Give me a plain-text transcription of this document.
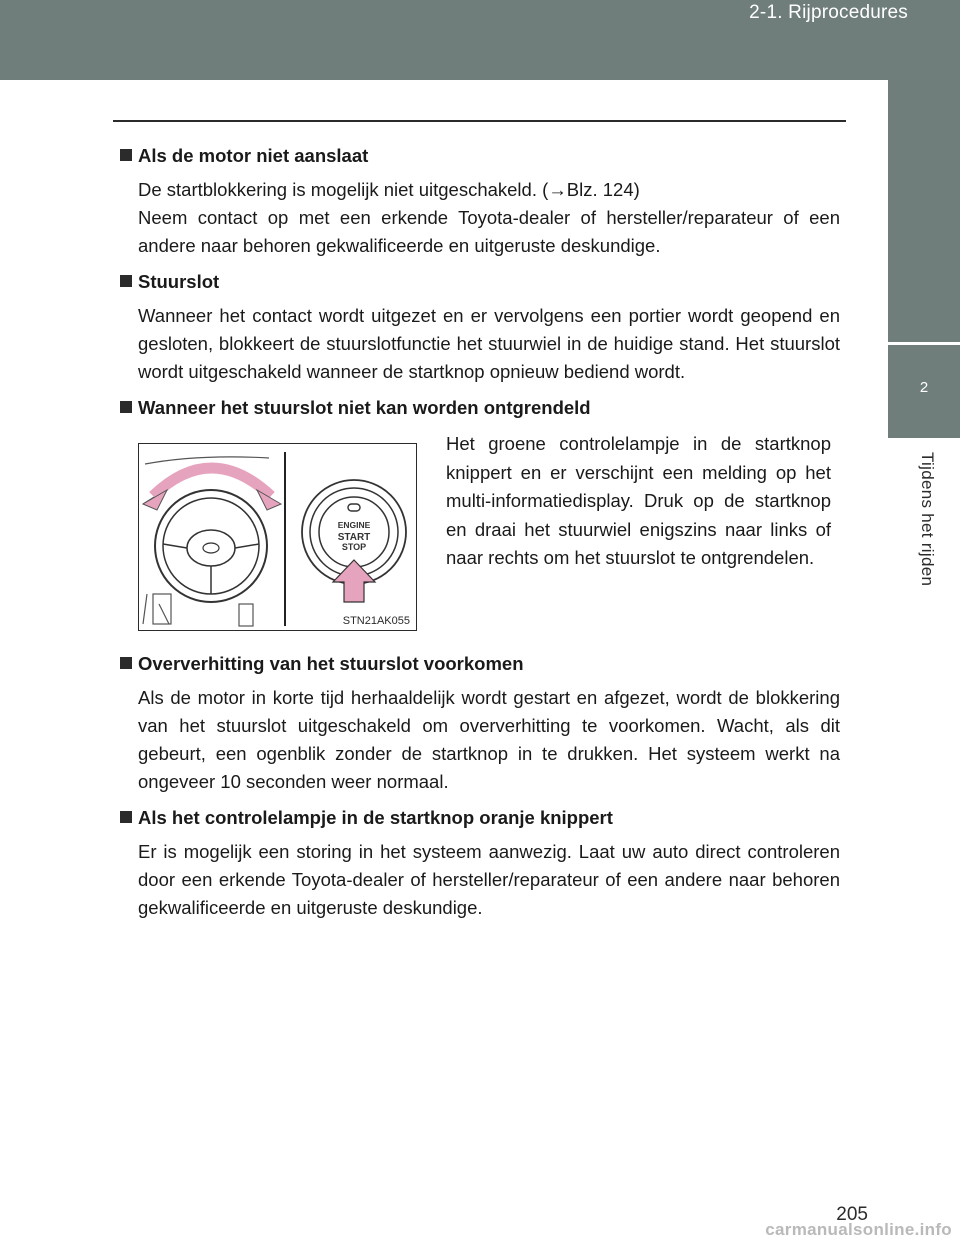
2-1. Rijprocedures
2
Tijdens het rijden

Als de motor niet aanslaat

De startblokkering is mogelijk niet uitgeschakeld. (→Blz. 124)
Neem contact op met een erkende Toyota-dealer of hersteller/reparateur of een andere naar behoren gekwalificeerde en uitgeruste deskundige.

Stuurslot

Wanneer het contact wordt uitgezet en er vervolgens een portier wordt geopend en gesloten, blokkeert de stuurslotfunctie het stuurwiel in de huidige stand. Het stuurslot wordt uitgeschakeld wanneer de startknop opnieuw bediend wordt.

Wanneer het stuurslot niet kan worden ontgrendeld

ENGINE
START
STOP
STN21AK055
Het groene controlelampje in de startknop knippert en er verschijnt een melding op het multi-informatiedisplay. Druk op de startknop en draai het stuurwiel enigszins naar links of naar rechts om het stuurslot te ontgrendelen.

Oververhitting van het stuurslot voorkomen

Als de motor in korte tijd herhaaldelijk wordt gestart en afgezet, wordt de blokkering van het stuurslot uitgeschakeld om oververhitting te voorkomen. Wacht, als dit gebeurt, een ogenblik zonder de startknop in te drukken. Het systeem werkt na ongeveer 10 seconden weer normaal.

Als het controlelampje in de startknop oranje knippert

Er is mogelijk een storing in het systeem aanwezig. Laat uw auto direct controleren door een erkende Toyota-dealer of hersteller/reparateur of een andere naar behoren gekwalificeerde en uitgeruste deskundige.

205
carmanualsonline.info
